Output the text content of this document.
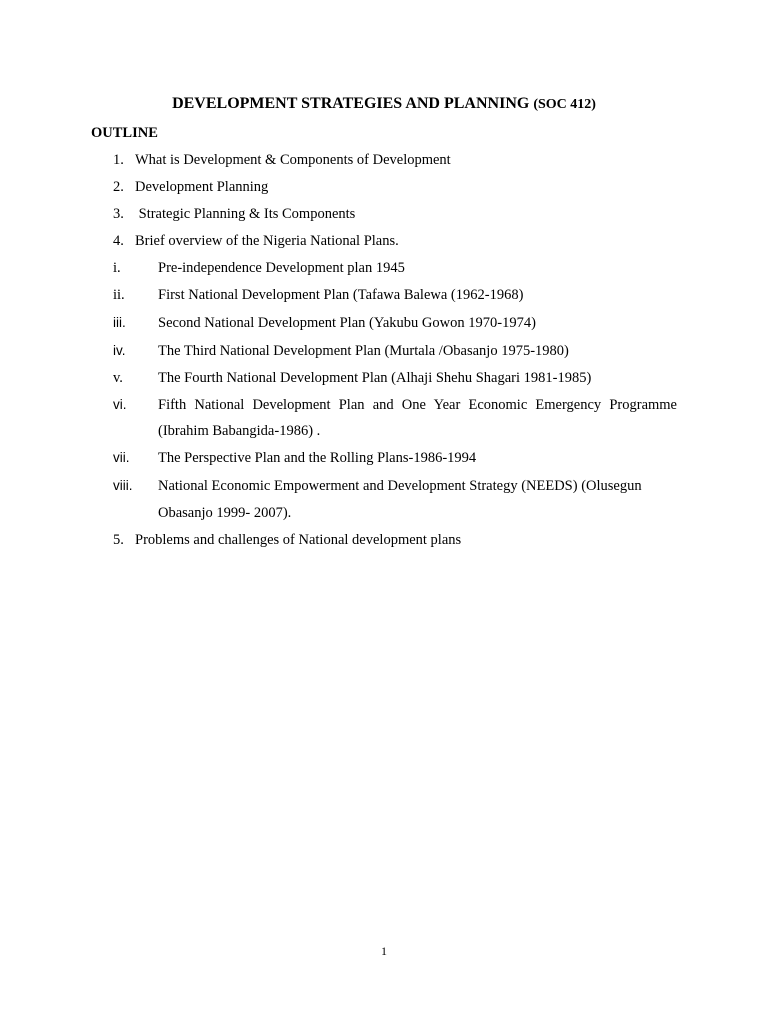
DEVELOPMENT STRATEGIES AND PLANNING (SOC 412)
OUTLINE
1. What is Development & Components of Development
2. Development Planning
3. Strategic Planning & Its Components
4. Brief overview of the Nigeria National Plans.
i.	Pre-independence Development plan 1945
ii. First National Development Plan (Tafawa Balewa (1962-1968)
iii. Second National Development Plan (Yakubu Gowon 1970-1974)
iv. The Third National Development Plan (Murtala /Obasanjo 1975-1980)
v. The Fourth National Development Plan (Alhaji Shehu Shagari 1981-1985)
vi. Fifth National Development Plan and One Year Economic Emergency Programme
(Ibrahim Babangida-1986) .
vii. The Perspective Plan and the Rolling Plans-1986-1994
viii. National Economic Empowerment and Development Strategy (NEEDS) (Olusegun
Obasanjo 1999- 2007).
5. Problems and challenges of National development plans
1
